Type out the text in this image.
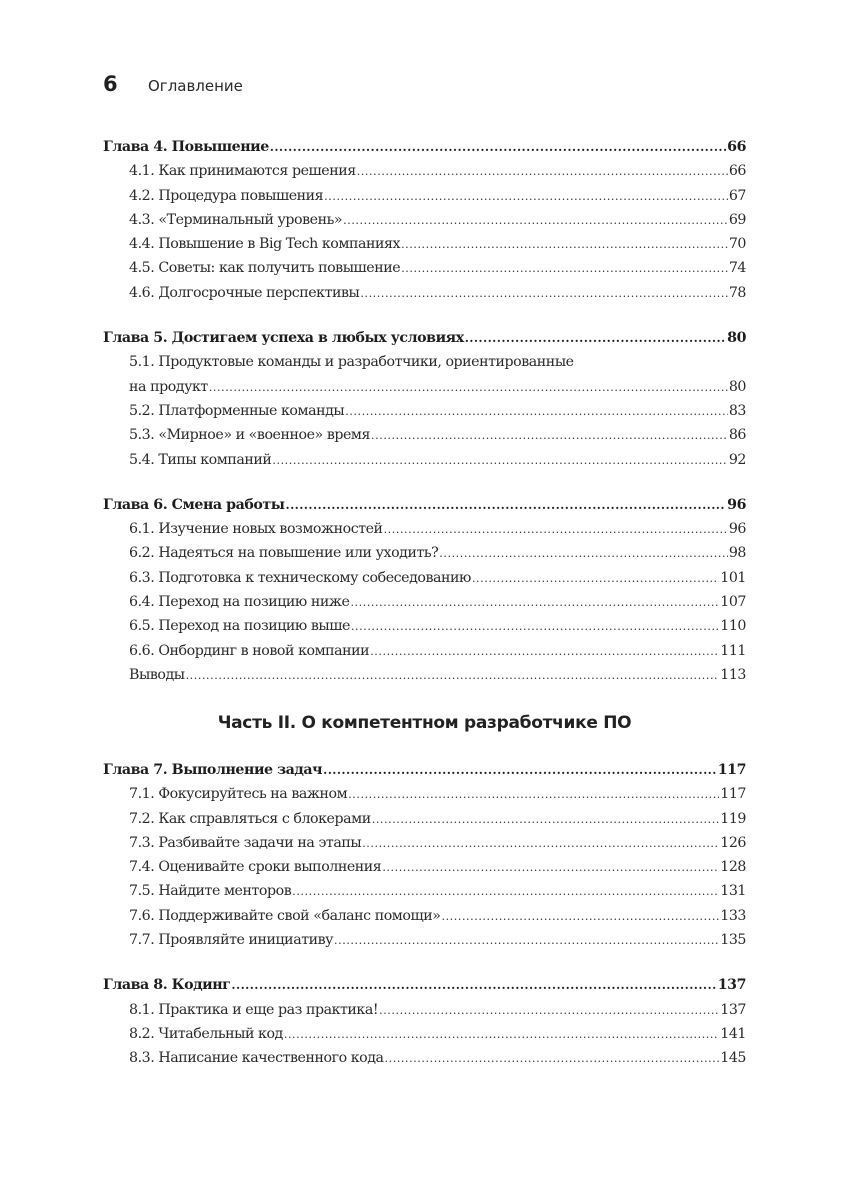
6	Оглавление
Глава 4. Повышение .....	66
4.1. Как принимаются решения .....	66
4.2. Процедура повышения .....	67
4.3. «Терминальный уровень» .....	69
4.4. Повышение в Big Tech компаниях .....	70
4.5. Советы: как получить повышение .....	74
4.6. Долгосрочные перспективы .....	78
Глава 5. Достигаем успеха в любых условиях .....	80
5.1. Продуктовые команды и разработчики, ориентированные
на продукт .....	80
5.2. Платформенные команды .....	83
5.3. «Мирное» и «военное» время .....	86
5.4. Типы компаний .....	92
Глава 6. Смена работы .....	96
6.1. Изучение новых возможностей .....	96
6.2. Надеяться на повышение или уходить? .....	98
6.3. Подготовка к техническому собеседованию .....	101
6.4. Переход на позицию ниже .....	107
6.5. Переход на позицию выше .....	110
6.6. Онбординг в новой компании .....	111
Выводы .....	113
Часть II. О компетентном разработчике ПО
Глава 7. Выполнение задач .....	117
7.1. Фокусируйтесь на важном .....	117
7.2. Как справляться с блокерами .....	119
7.3. Разбивайте задачи на этапы .....	126
7.4. Оценивайте сроки выполнения .....	128
7.5. Найдите менторов .....	131
7.6. Поддерживайте свой «баланс помощи» .....	133
7.7. Проявляйте инициативу .....	135
Глава 8. Кодинг .....	137
8.1. Практика и еще раз практика! .....	137
8.2. Читабельный код .....	141
8.3. Написание качественного кода .....	145
